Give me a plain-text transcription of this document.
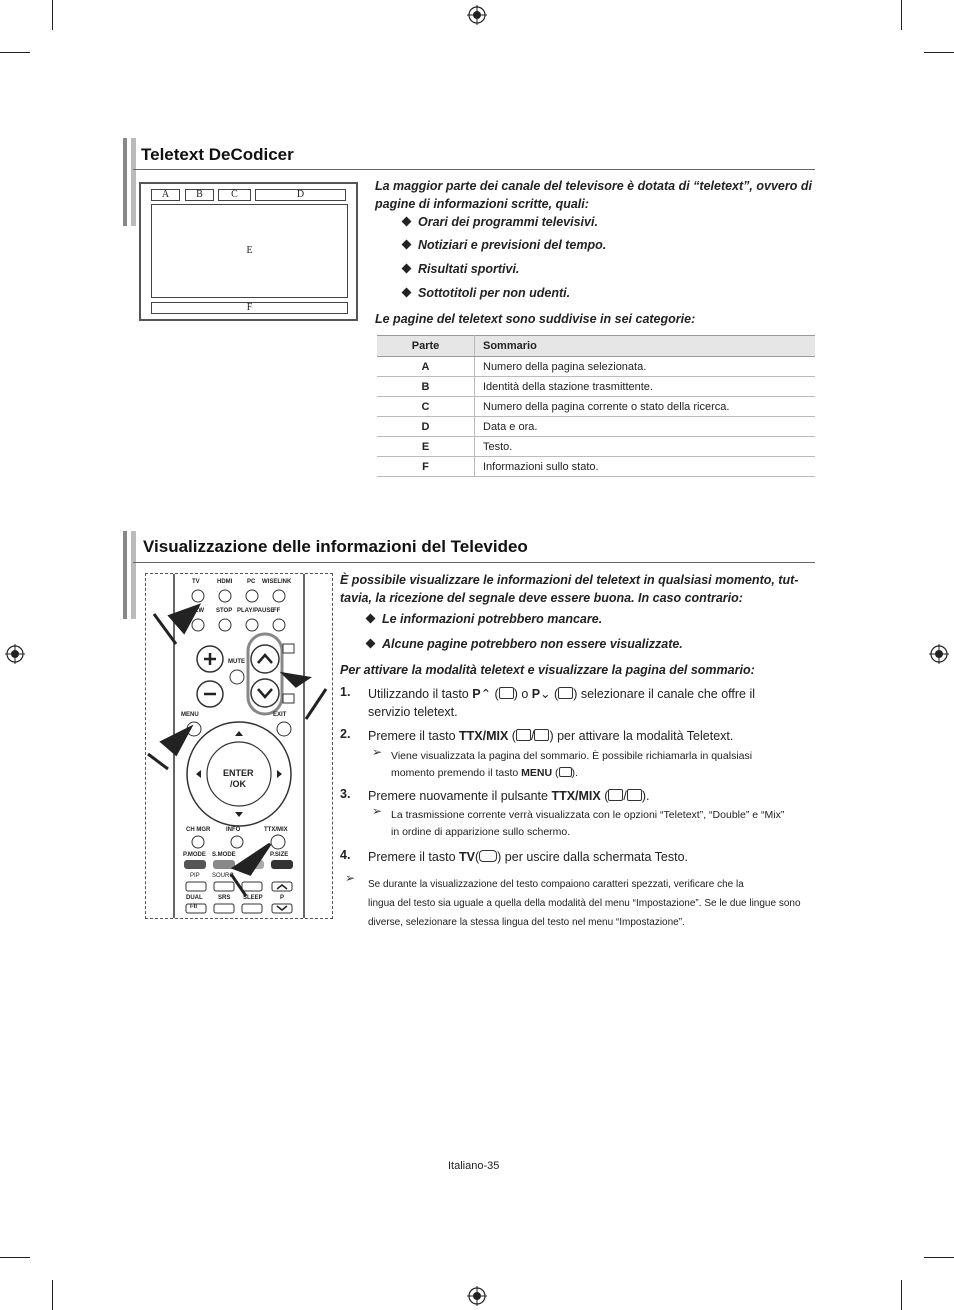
Teletext DeCodicer
A	B	C	D
E
F
La maggior parte dei canale del televisore è dotata di “teletext”, ovvero di pagine di informazioni scritte, quali:
Orari dei programmi televisivi.
Notiziari e previsioni del tempo.
Risultati sportivi.
Sottotitoli per non udenti.
Le pagine del teletext sono suddivise in sei categorie:
Parte	Sommario
A	Numero della pagina selezionata.
B	Identità della stazione trasmittente.
C	Numero della pagina corrente o stato della ricerca.
D	Data e ora.
E	Testo.
F	Informazioni sullo stato.
Visualizzazione delle informazioni del Televideo
TV	HDMI PC WISELINK
REW STOP PLAY/PAUSE
FF
MUTE
MENU	EXIT
ENTER
/OK
CH MGR	INFO	TTX/MIX
P.MODE S.MODE	P.SIZE
PIP SOURC
DUAL	SRS SLEEP	P
I-II
È possibile visualizzare le informazioni del teletext in qualsiasi momento, tut-tavia, la ricezione del segnale deve essere buona. In caso contrario:
Le informazioni potrebbero mancare.
Alcune pagine potrebbero non essere visualizzate.
Per attivare la modalità teletext e visualizzare la pagina del sommario:
1. Utilizzando il tasto P⌃ ( ) o P⌄ ( ) selezionare il canale che offre il
servizio teletext.
2. Premere il tasto TTX/MIX ( / ) per attivare la modalità Teletext.
➢ Viene visualizzata la pagina del sommario. È possibile richiamarla in qualsiasi
momento premendo il tasto MENU ( ).
3. Premere nuovamente il pulsante TTX/MIX ( / ).
➢ La trasmissione corrente verrà visualizzata con le opzioni “Teletext”, “Double” e “Mix”
in ordine di apparizione sullo schermo.
4. Premere il tasto TV( ) per uscire dalla schermata Testo.
➢ Se durante la visualizzazione del testo compaiono caratteri spezzati, verificare che la
lingua del testo sia uguale a quella della modalità del menu “Impostazione”. Se le due lingue sono
diverse, selezionare la stessa lingua del testo nel menu “Impostazione”.
Italiano-35
